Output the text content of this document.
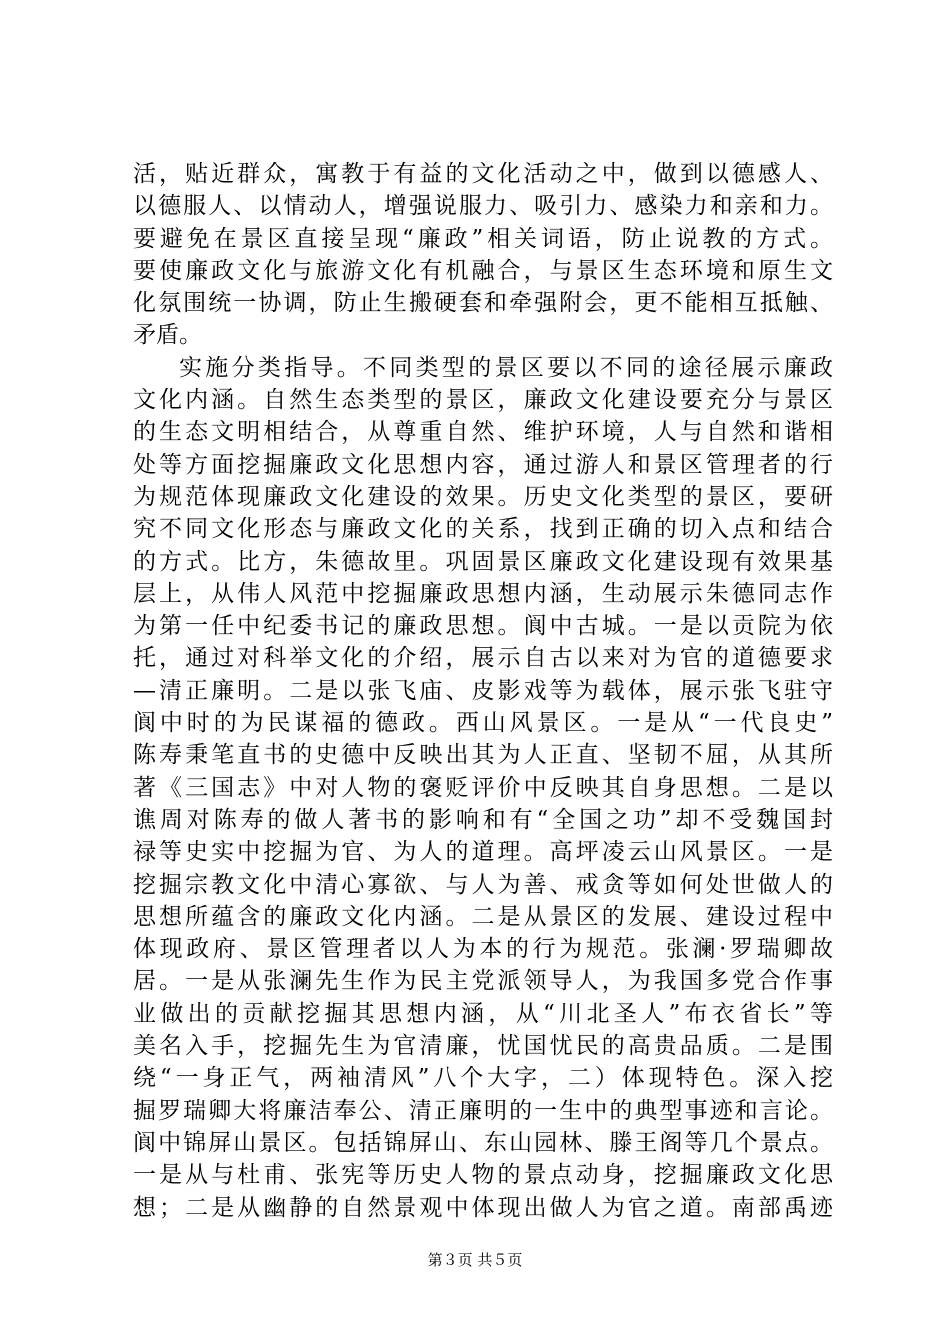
活，贴近群众，寓教于有益的文化活动之中，做到以德感人、
以德服人、以情动人，增强说服力、吸引力、感染力和亲和力。
要避免在景区直接呈现“廉政”相关词语，防止说教的方式。
要使廉政文化与旅游文化有机融合，与景区生态环境和原生文
化氛围统一协调，防止生搬硬套和牵强附会，更不能相互抵触、
矛盾。
实施分类指导。不同类型的景区要以不同的途径展示廉政
文化内涵。自然生态类型的景区，廉政文化建设要充分与景区
的生态文明相结合，从尊重自然、维护环境，人与自然和谐相
处等方面挖掘廉政文化思想内容，通过游人和景区管理者的行
为规范体现廉政文化建设的效果。历史文化类型的景区，要研
究不同文化形态与廉政文化的关系，找到正确的切入点和结合
的方式。比方，朱德故里。巩固景区廉政文化建设现有效果基
层上，从伟人风范中挖掘廉政思想内涵，生动展示朱德同志作
为第一任中纪委书记的廉政思想。阆中古城。一是以贡院为依
托，通过对科举文化的介绍，展示自古以来对为官的道德要求
—清正廉明。二是以张飞庙、皮影戏等为载体，展示张飞驻守
阆中时的为民谋福的德政。西山风景区。一是从“一代良史”
陈寿秉笔直书的史德中反映出其为人正直、坚韧不屈，从其所
著《三国志》中对人物的褒贬评价中反映其自身思想。二是以
谯周对陈寿的做人著书的影响和有“全国之功”却不受魏国封
禄等史实中挖掘为官、为人的道理。高坪凌云山风景区。一是
挖掘宗教文化中清心寡欲、与人为善、戒贪等如何处世做人的
思想所蕴含的廉政文化内涵。二是从景区的发展、建设过程中
体现政府、景区管理者以人为本的行为规范。张澜·罗瑞卿故
居。一是从张澜先生作为民主党派领导人，为我国多党合作事
业做出的贡献挖掘其思想内涵，从“川北圣人”布衣省长”等
美名入手，挖掘先生为官清廉，忧国忧民的高贵品质。二是围
绕“一身正气，两袖清风”八个大字，二）体现特色。深入挖
掘罗瑞卿大将廉洁奉公、清正廉明的一生中的典型事迹和言论。
阆中锦屏山景区。包括锦屏山、东山园林、滕王阁等几个景点。
一是从与杜甫、张宪等历史人物的景点动身，挖掘廉政文化思
想；二是从幽静的自然景观中体现出做人为官之道。南部禹迹
第３页 共５页
